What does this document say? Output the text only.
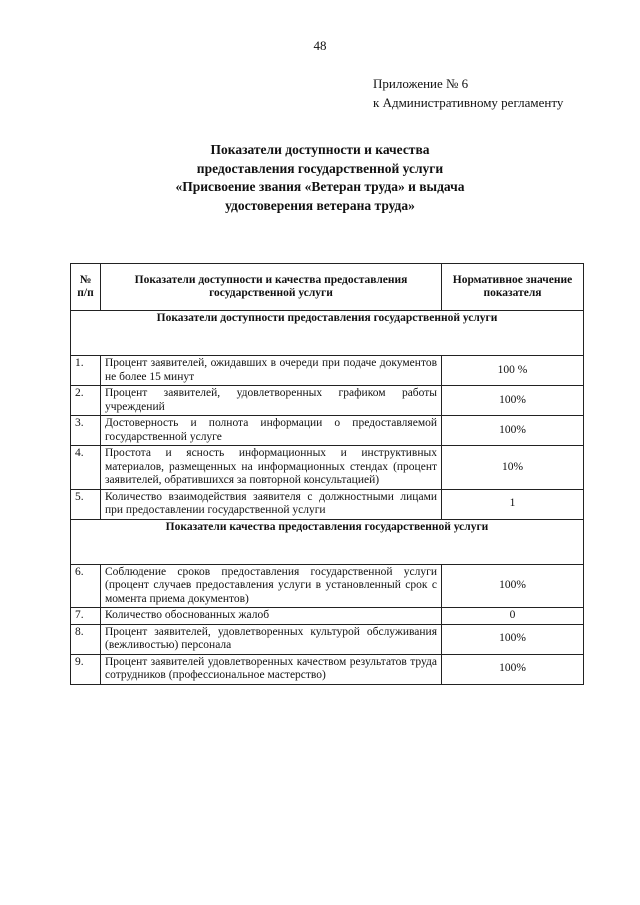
48
Приложение № 6
к Административному регламенту
Показатели доступности и качества
предоставления государственной услуги
«Присвоение звания «Ветеран труда» и выдача
удостоверения ветерана труда»
№ п/п	Показатели доступности и качества предоставления государственной услуги	Нормативное значение показателя
Показатели доступности предоставления государственной услуги		
1.	Процент заявителей, ожидавших в очереди при подаче документов не более 15 минут	100 %
2.	Процент заявителей, удовлетворенных графиком работы учреждений	100%
3.	Достоверность и полнота информации о предоставляемой государственной услуге	100%
4.	Простота и ясность информационных и инструктивных материалов, размещенных на информационных стендах (процент заявителей, обратившихся за повторной консультацией)	10%
5.	Количество взаимодействия заявителя с должностными лицами при предоставлении государственной услуги	1
Показатели качества предоставления государственной услуги		
6.	Соблюдение сроков предоставления государственной услуги (процент случаев предоставления услуги в установленный срок с момента приема документов)	100%
7.	Количество обоснованных жалоб	0
8.	Процент заявителей, удовлетворенных культурой обслуживания (вежливостью) персонала	100%
9.	Процент заявителей удовлетворенных качеством результатов труда сотрудников (профессиональное мастерство)	100%
